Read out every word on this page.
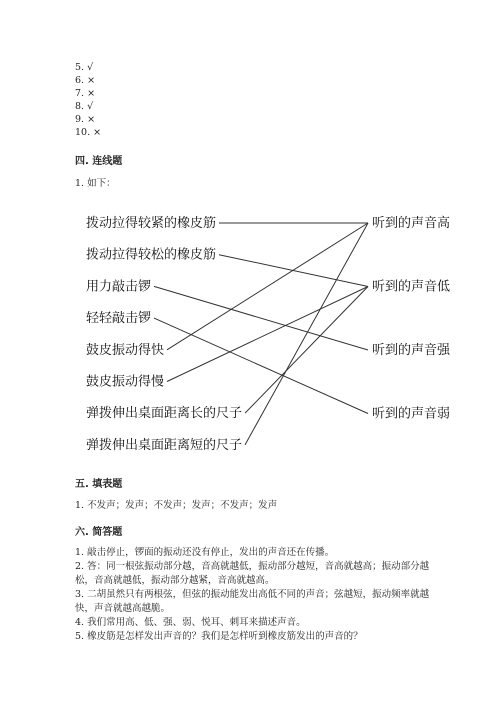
5. √
6. ×
7. ×
8. √
9. ×
10. ×
四. 连线题
1. 如下：
拨动拉得较紧的橡皮筋
拨动拉得较松的橡皮筋
用力敲击锣
轻轻敲击锣
鼓皮振动得快
鼓皮振动得慢
弹拨伸出桌面距离长的尺子
弹拨伸出桌面距离短的尺子
听到的声音高
听到的声音低
听到的声音强
听到的声音弱
五. 填表题
1. 不发声；发声；不发声；发声；不发声；发声
六. 简答题
1. 敲击停止，锣面的振动还没有停止，发出的声音还在传播。
2. 答：同一根弦振动部分越，音高就越低，振动部分越短，音高就越高；振动部分越松，音高就越低，振动部分越紧，音高就越高。
3. 二胡虽然只有两根弦，但弦的振动能发出高低不同的声音；弦越短，振动频率就越快，声音就越高越脆。
4. 我们常用高、低、强、弱、悦耳、刺耳来描述声音。
5. 橡皮筋是怎样发出声音的？我们是怎样听到橡皮筋发出的声音的？
